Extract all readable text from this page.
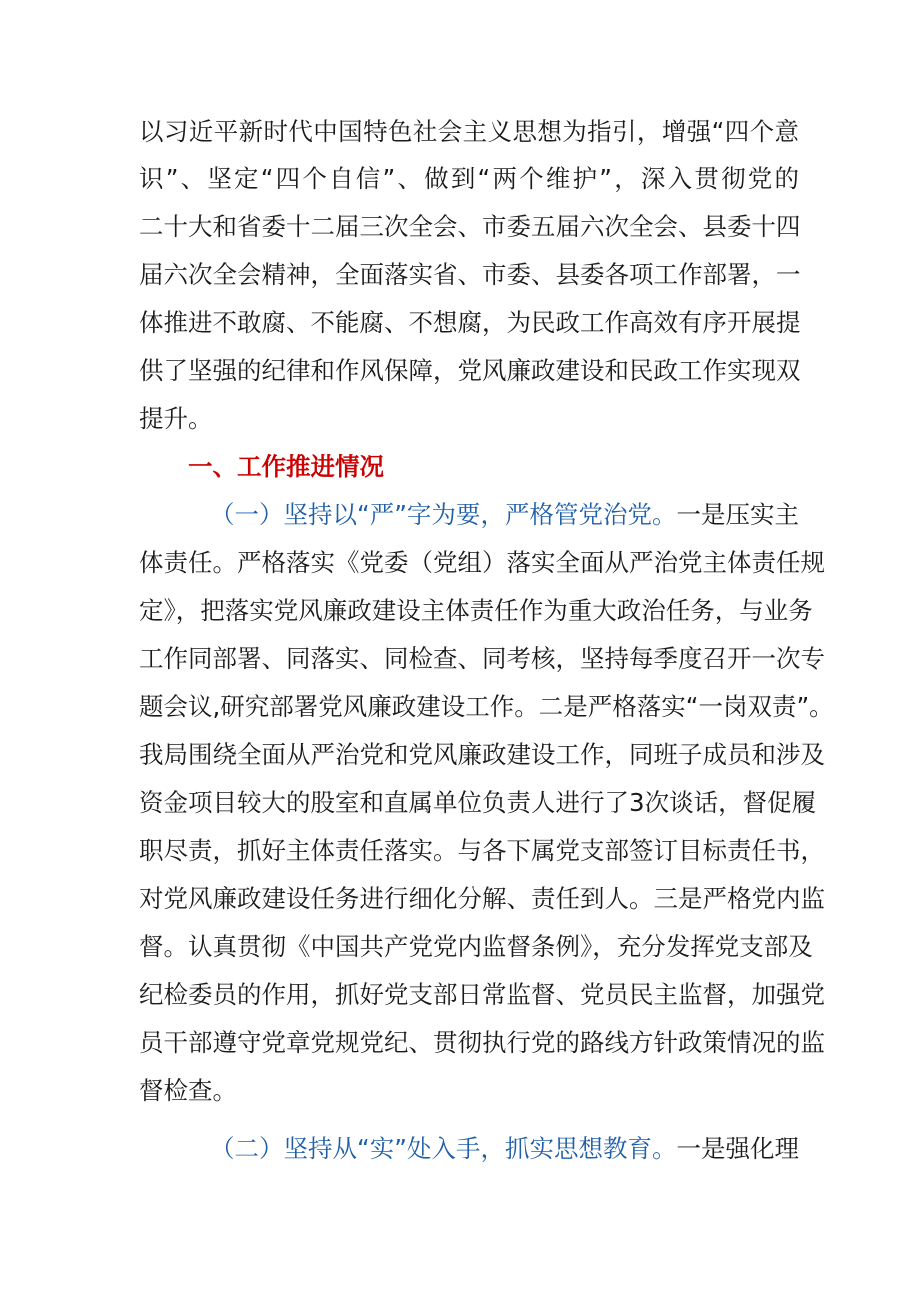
以习近平新时代中国特色社会主义思想为指引，增强“四个意
识”、坚定“四个自信”、做到“两个维护”，深入贯彻党的
二十大和省委十二届三次全会、市委五届六次全会、县委十四
届六次全会精神，全面落实省、市委、县委各项工作部署，一
体推进不敢腐、不能腐、不想腐，为民政工作高效有序开展提
供了坚强的纪律和作风保障，党风廉政建设和民政工作实现双
提升。
一、工作推进情况
（一）坚持以“严”字为要，严格管党治党。一是压实主
体责任。严格落实《党委（党组）落实全面从严治党主体责任规
定》，把落实党风廉政建设主体责任作为重大政治任务，与业务
工作同部署、同落实、同检查、同考核，坚持每季度召开一次专
题会议,研究部署党风廉政建设工作。二是严格落实“一岗双责”。
我局围绕全面从严治党和党风廉政建设工作，同班子成员和涉及
资金项目较大的股室和直属单位负责人进行了3次谈话，督促履
职尽责，抓好主体责任落实。与各下属党支部签订目标责任书，
对党风廉政建设任务进行细化分解、责任到人。三是严格党内监
督。认真贯彻《中国共产党党内监督条例》，充分发挥党支部及
纪检委员的作用，抓好党支部日常监督、党员民主监督，加强党
员干部遵守党章党规党纪、贯彻执行党的路线方针政策情况的监
督检查。
（二）坚持从“实”处入手，抓实思想教育。一是强化理
